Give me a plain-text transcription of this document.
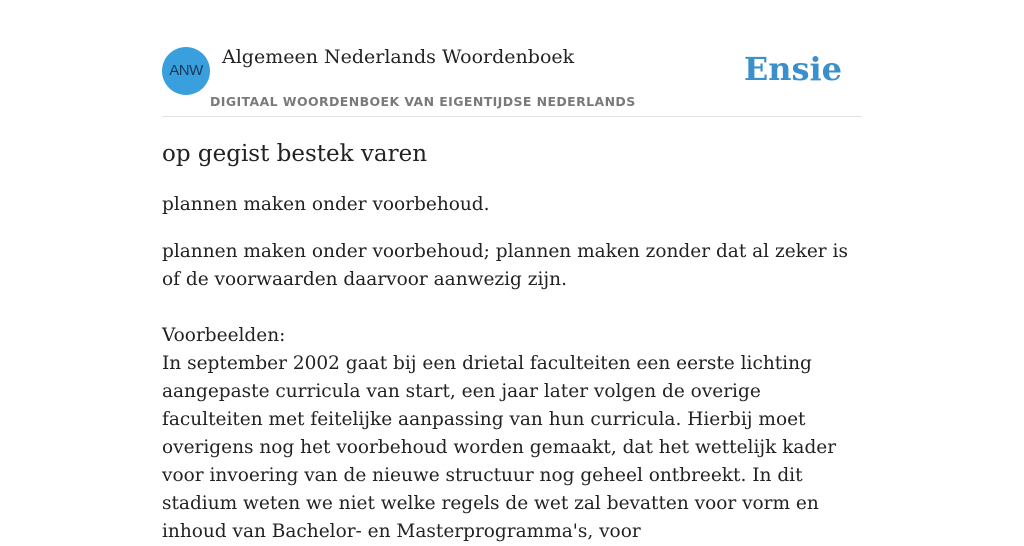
ANW
Algemeen Nederlands Woordenboek
DIGITAAL WOORDENBOEK VAN EIGENTIJDSE NEDERLANDS
Ensie
op gegist bestek varen

plannen maken onder voorbehoud.

plannen maken onder voorbehoud; plannen maken zonder dat al zeker is of de voorwaarden daarvoor aanwezig zijn.

Voorbeelden:

In september 2002 gaat bij een drietal faculteiten een eerste lichting aangepaste curricula van start, een jaar later volgen de overige faculteiten met feitelijke aanpassing van hun curricula. Hierbij moet overigens nog het voorbehoud worden gemaakt, dat het wettelijk kader voor invoering van de nieuwe structuur nog geheel ontbreekt. In dit stadium weten we niet welke regels de wet zal bevatten voor vorm en inhoud van Bachelor- en Masterprogramma's, voor
